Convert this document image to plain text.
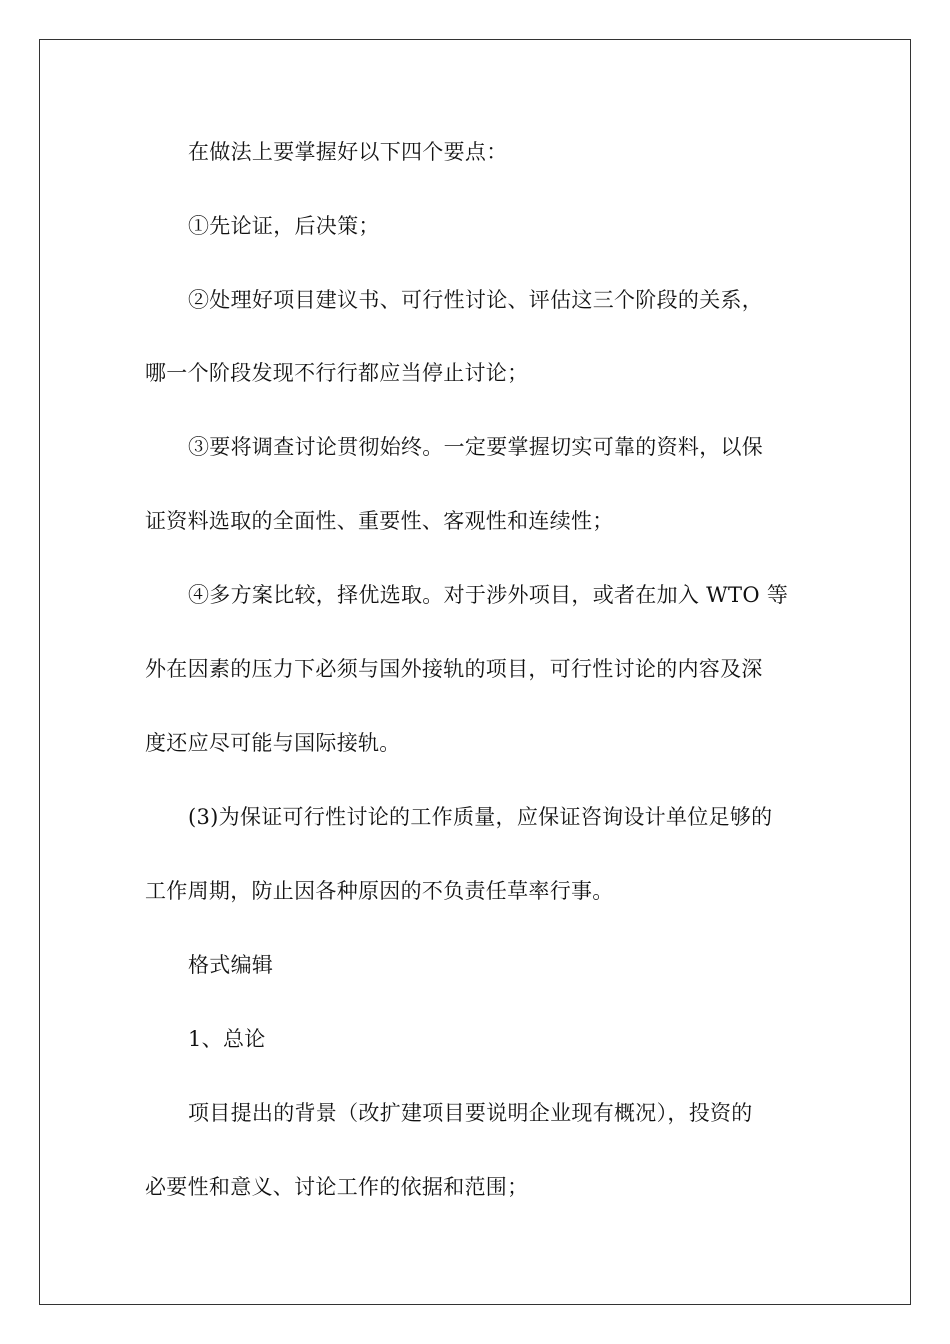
在做法上要掌握好以下四个要点：
①先论证，后决策；
②处理好项目建议书、可行性讨论、评估这三个阶段的关系，
哪一个阶段发现不行行都应当停止讨论；
③要将调查讨论贯彻始终。一定要掌握切实可靠的资料，以保
证资料选取的全面性、重要性、客观性和连续性；
④多方案比较，择优选取。对于涉外项目，或者在加入 WTO 等
外在因素的压力下必须与国外接轨的项目，可行性讨论的内容及深
度还应尽可能与国际接轨。
(3)为保证可行性讨论的工作质量，应保证咨询设计单位足够的
工作周期，防止因各种原因的不负责任草率行事。
格式编辑
1、总论
项目提出的背景（改扩建项目要说明企业现有概况），投资的
必要性和意义、讨论工作的依据和范围；
